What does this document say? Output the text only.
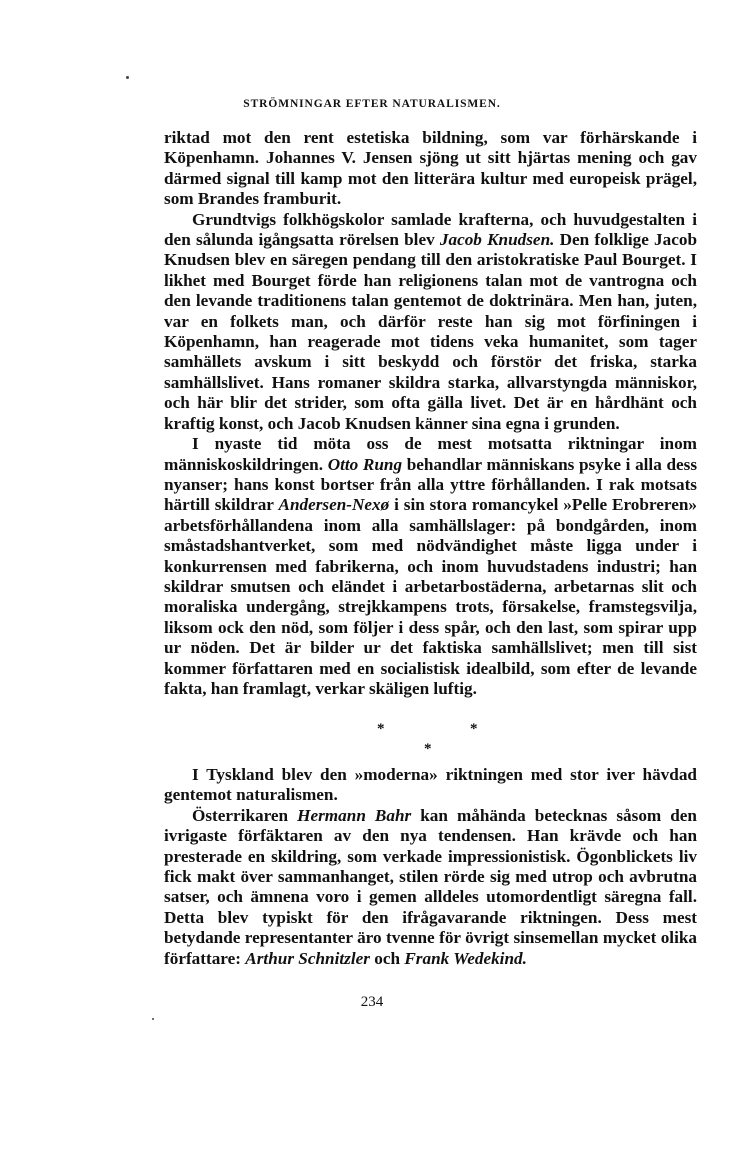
STRÖMNINGAR EFTER NATURALISMEN.

riktad mot den rent estetiska bildning, som var förhärskande i Köpenhamn. Johannes V. Jensen sjöng ut sitt hjärtas mening och gav därmed signal till kamp mot den litterära kultur med europeisk prägel, som Brandes framburit.

Grundtvigs folkhögskolor samlade krafterna, och huvudgestalten i den sålunda igångsatta rörelsen blev Jacob Knudsen. Den folklige Jacob Knudsen blev en säregen pendang till den aristokratiske Paul Bourget. I likhet med Bourget förde han religionens talan mot de vantrogna och den levande traditionens talan gentemot de doktrinära. Men han, juten, var en folkets man, och därför reste han sig mot förfiningen i Köpenhamn, han reagerade mot tidens veka humanitet, som tager samhällets avskum i sitt beskydd och förstör det friska, starka samhällslivet. Hans romaner skildra starka, allvarstyngda människor, och här blir det strider, som ofta gälla livet. Det är en hårdhänt och kraftig konst, och Jacob Knudsen känner sina egna i grunden.

I nyaste tid möta oss de mest motsatta riktningar inom människoskildringen. Otto Rung behandlar människans psyke i alla dess nyanser; hans konst bortser från alla yttre förhållanden. I rak motsats härtill skildrar Andersen-Nexø i sin stora romancykel »Pelle Erobreren» arbetsförhållandena inom alla samhällslager: på bondgården, inom småstadshantverket, som med nödvändighet måste ligga under i konkurrensen med fabrikerna, och inom huvudstadens industri; han skildrar smutsen och eländet i arbetarbostäderna, arbetarnas slit och moraliska undergång, strejkkampens trots, försakelse, framstegsvilja, liksom ock den nöd, som följer i dess spår, och den last, som spirar upp ur nöden. Det är bilder ur det faktiska samhällslivet; men till sist kommer författaren med en socialistisk idealbild, som efter de levande fakta, han framlagt, verkar skäligen luftig.

*	*
*

I Tyskland blev den »moderna» riktningen med stor iver hävdad gentemot naturalismen.

Österrikaren Hermann Bahr kan måhända betecknas såsom den ivrigaste förfäktaren av den nya tendensen. Han krävde och han presterade en skildring, som verkade impressionistisk. Ögonblickets liv fick makt över sammanhanget, stilen rörde sig med utrop och avbrutna satser, och ämnena voro i gemen alldeles utomordentligt säregna fall. Detta blev typiskt för den ifrågavarande riktningen. Dess mest betydande representanter äro tvenne för övrigt sinsemellan mycket olika författare: Arthur Schnitzler och Frank Wedekind.

234
